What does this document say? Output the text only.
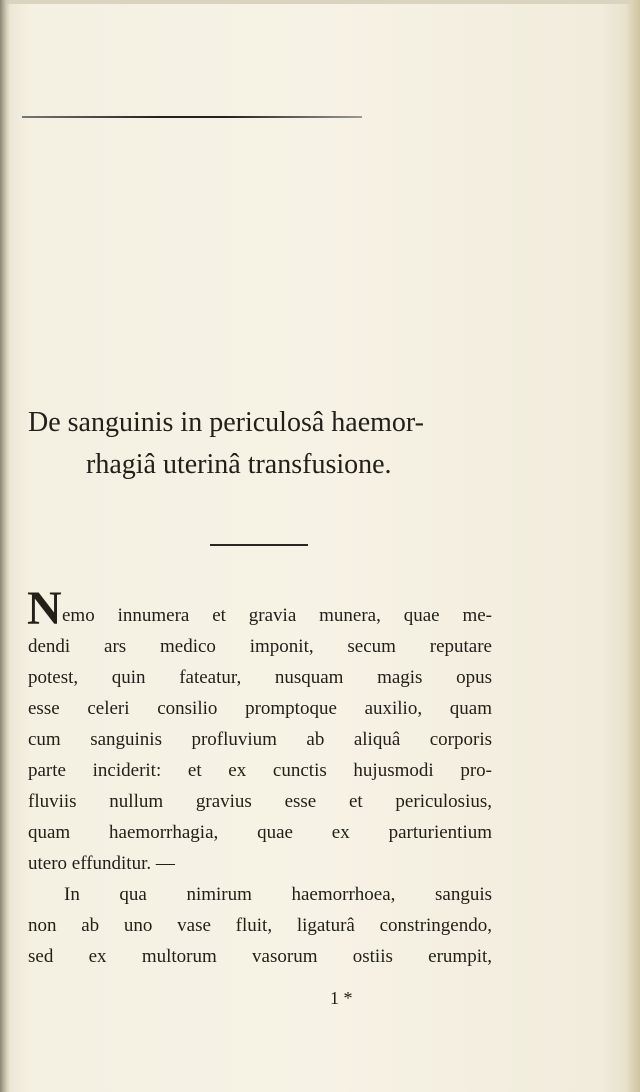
De sanguinis in periculosâ haemor-
rhagiâ uterinâ transfusione.
N emo innumera et gravia munera, quae me-
dendi ars medico imponit, secum reputare
potest, quin fateatur, nusquam magis opus
esse celeri consilio promptoque auxilio, quam
cum sanguinis profluvium ab aliquâ corporis
parte inciderit: et ex cunctis hujusmodi pro-
fluviis nullum gravius esse et periculosius,
quam haemorrhagia, quae ex parturientium
utero effunditur. —
In qua nimirum haemorrhoea, sanguis
non ab uno vase fluit, ligaturâ constringendo,
sed ex multorum vasorum ostiis erumpit,
1 *
